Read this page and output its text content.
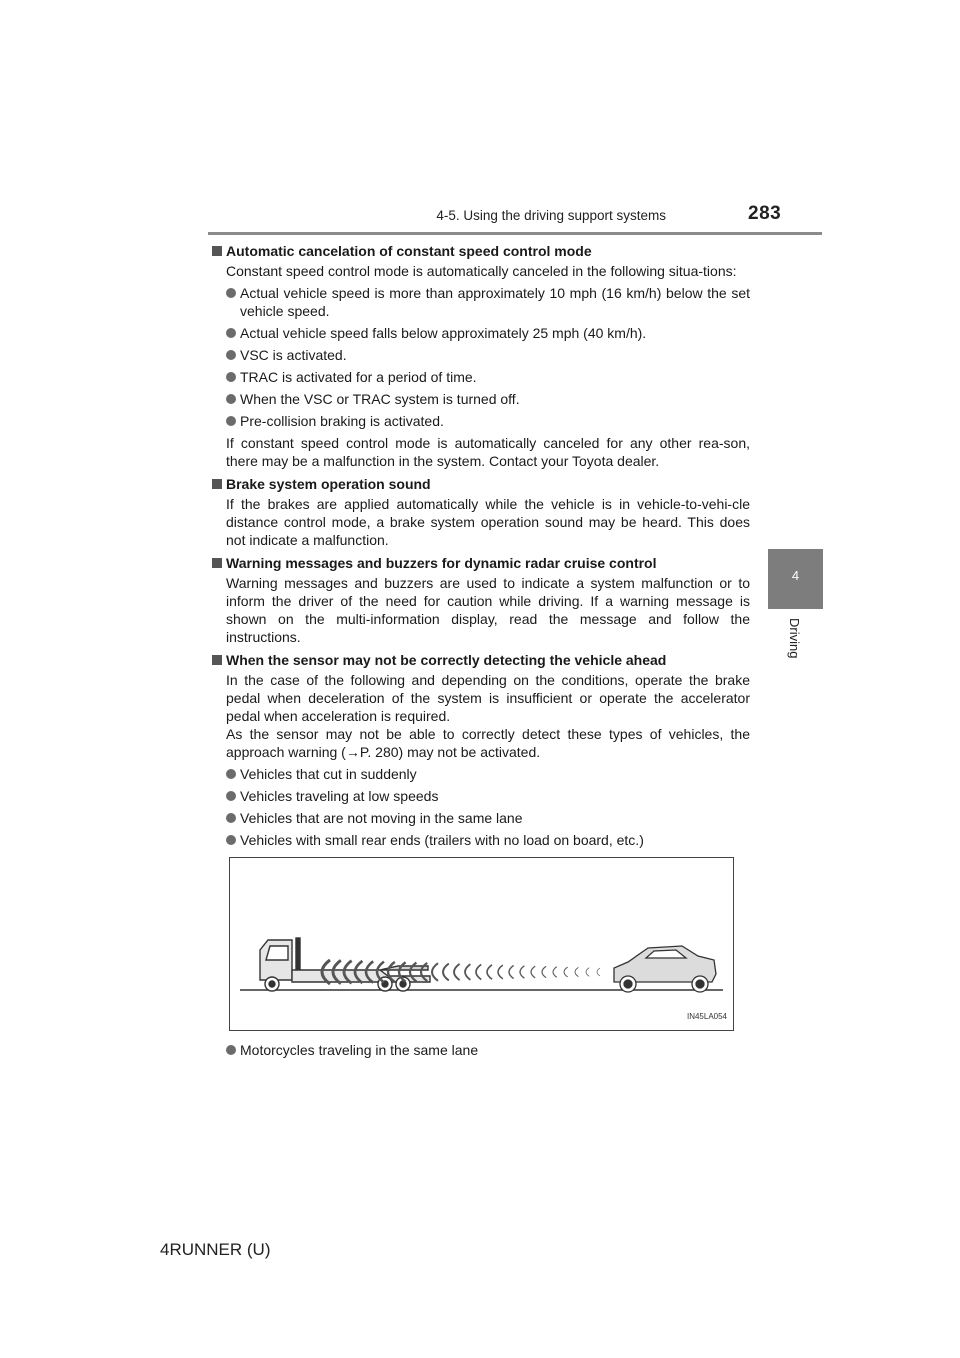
4-5. Using the driving support systems	283
4
Driving
Automatic cancelation of constant speed control mode

Constant speed control mode is automatically canceled in the following situa-tions:

Actual vehicle speed is more than approximately 10 mph (16 km/h) below the set vehicle speed.

Actual vehicle speed falls below approximately 25 mph (40 km/h).

VSC is activated.

TRAC is activated for a period of time.

When the VSC or TRAC system is turned off.

Pre-collision braking is activated.

If constant speed control mode is automatically canceled for any other rea-son, there may be a malfunction in the system. Contact your Toyota dealer.

Brake system operation sound

If the brakes are applied automatically while the vehicle is in vehicle-to-vehi-cle distance control mode, a brake system operation sound may be heard. This does not indicate a malfunction.

Warning messages and buzzers for dynamic radar cruise control

Warning messages and buzzers are used to indicate a system malfunction or to inform the driver of the need for caution while driving. If a warning message is shown on the multi-information display, read the message and follow the instructions.

When the sensor may not be correctly detecting the vehicle ahead

In the case of the following and depending on the conditions, operate the brake pedal when deceleration of the system is insufficient or operate the accelerator pedal when acceleration is required.

As the sensor may not be able to correctly detect these types of vehicles, the approach warning (→P. 280) may not be activated.

Vehicles that cut in suddenly

Vehicles traveling at low speeds

Vehicles that are not moving in the same lane

Vehicles with small rear ends (trailers with no load on board, etc.)

IN45LA054

Motorcycles traveling in the same lane

4RUNNER (U)
